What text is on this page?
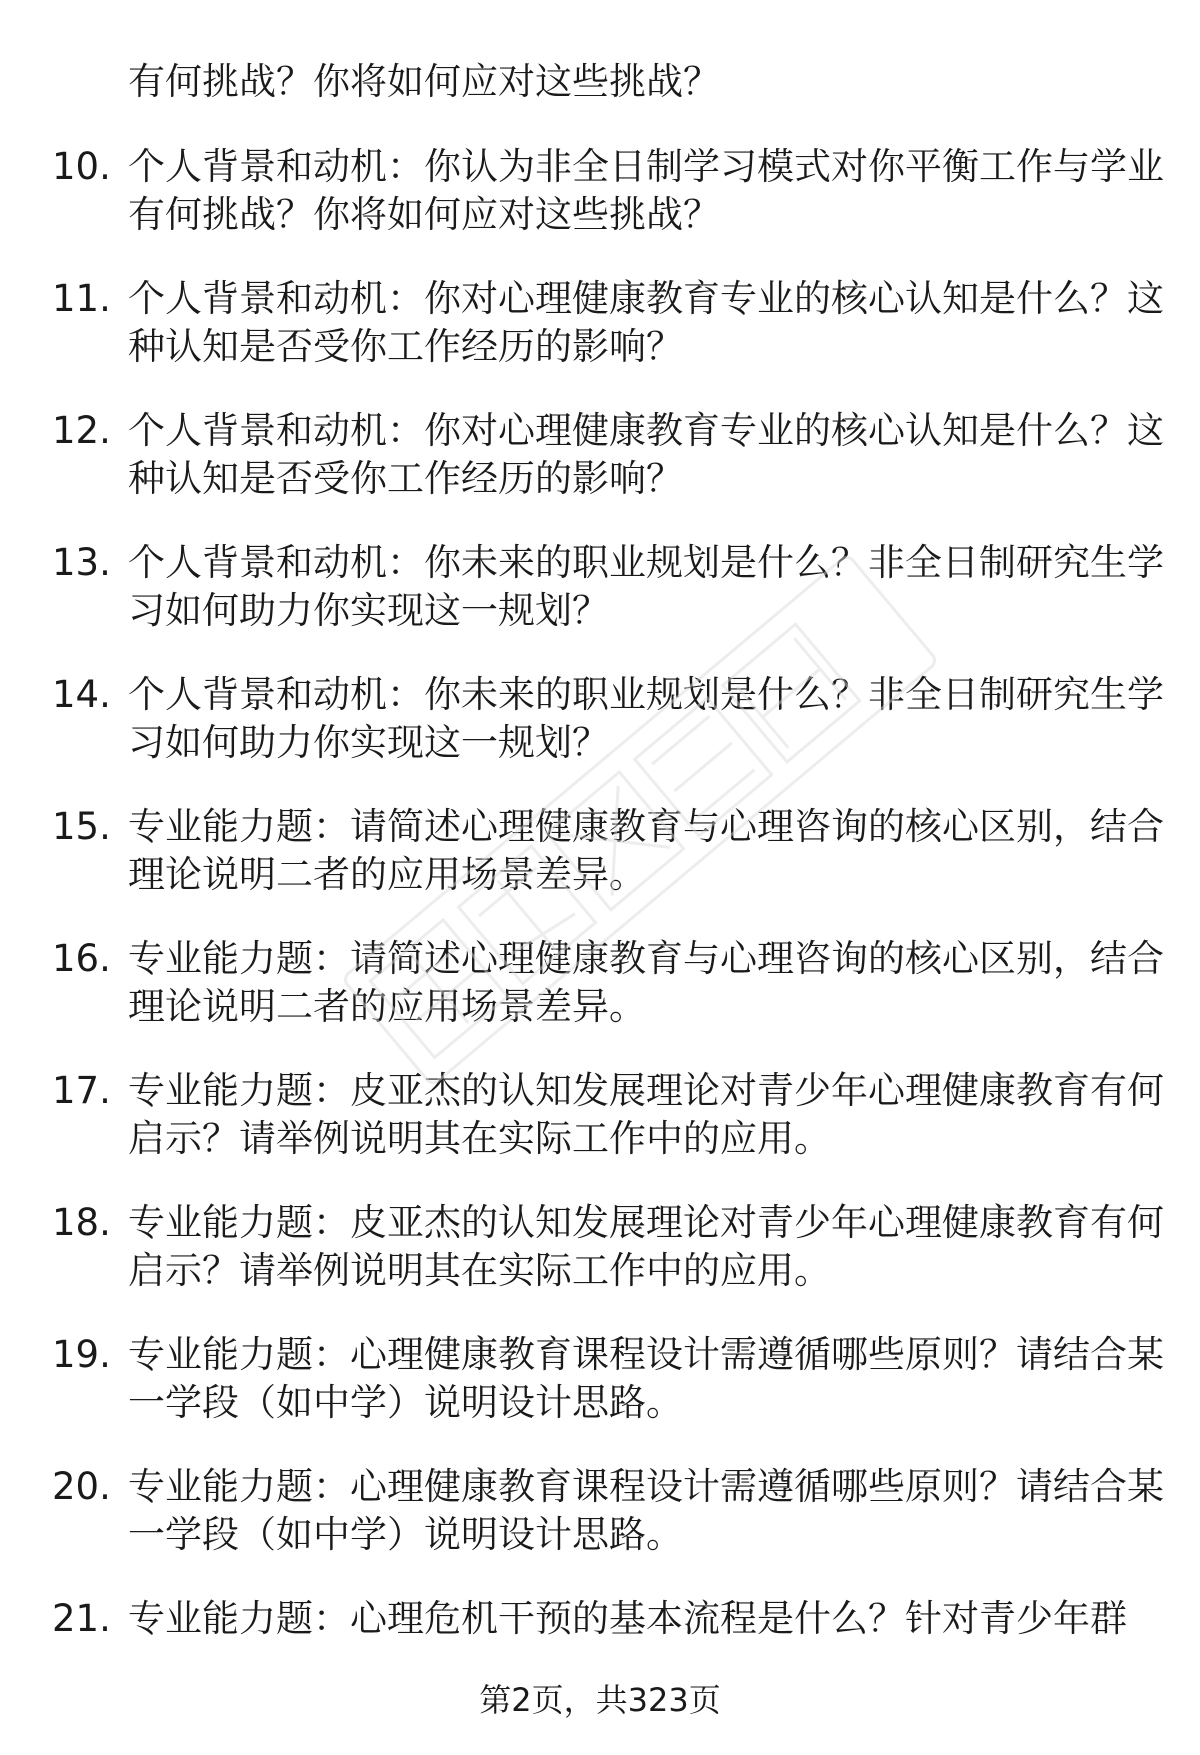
有何挑战？你将如何应对这些挑战？
10. 个人背景和动机：你认为非全日制学习模式对你平衡工作与学业
有何挑战？你将如何应对这些挑战？
11. 个人背景和动机：你对心理健康教育专业的核心认知是什么？这
种认知是否受你工作经历的影响？
12. 个人背景和动机：你对心理健康教育专业的核心认知是什么？这
种认知是否受你工作经历的影响？
13. 个人背景和动机：你未来的职业规划是什么？非全日制研究生学
习如何助力你实现这一规划？
14. 个人背景和动机：你未来的职业规划是什么？非全日制研究生学
习如何助力你实现这一规划？
15. 专业能力题：请简述心理健康教育与心理咨询的核心区别，结合
理论说明二者的应用场景差异。
16. 专业能力题：请简述心理健康教育与心理咨询的核心区别，结合
理论说明二者的应用场景差异。
17. 专业能力题：皮亚杰的认知发展理论对青少年心理健康教育有何
启示？请举例说明其在实际工作中的应用。
18. 专业能力题：皮亚杰的认知发展理论对青少年心理健康教育有何
启示？请举例说明其在实际工作中的应用。
19. 专业能力题：心理健康教育课程设计需遵循哪些原则？请结合某
一学段（如中学）说明设计思路。
20. 专业能力题：心理健康教育课程设计需遵循哪些原则？请结合某
一学段（如中学）说明设计思路。
21. 专业能力题：心理危机干预的基本流程是什么？针对青少年群
第2页，共323页
